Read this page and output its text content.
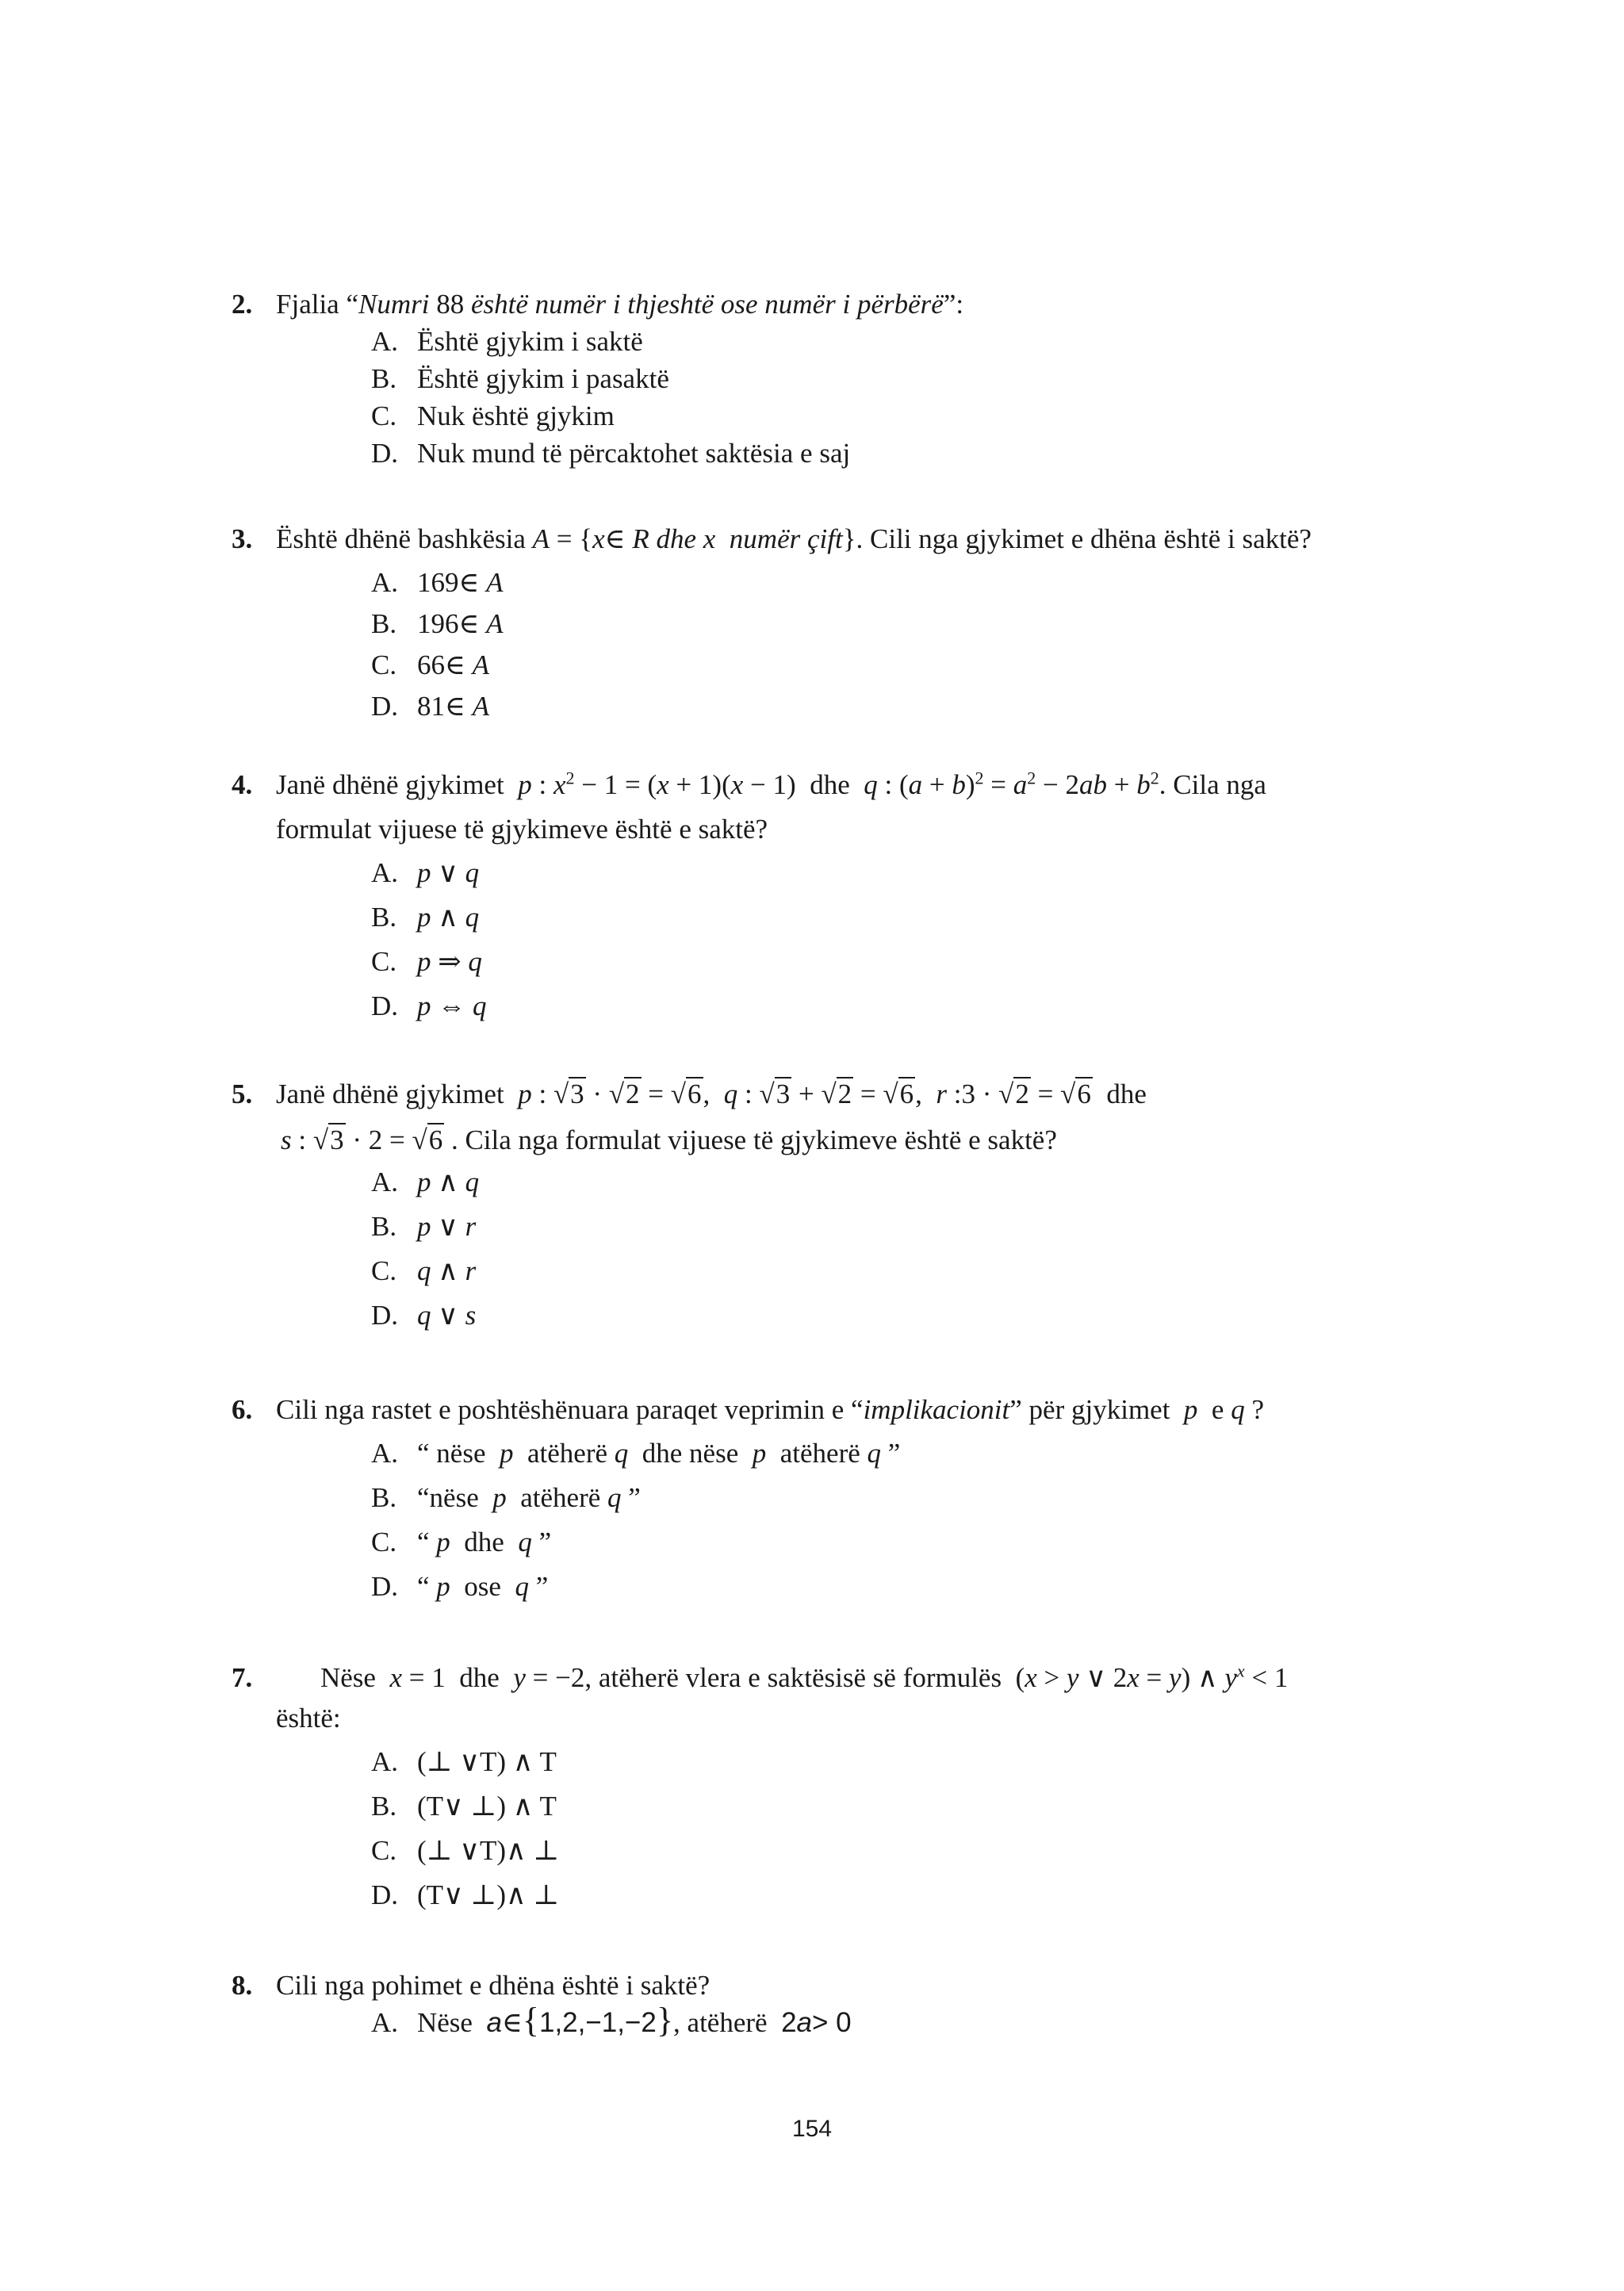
2. Fjalia “Numri 88 është numër i thjeshtë ose numër i përbërë”:
A. Është gjykim i saktë
B. Është gjykim i pasaktë
C. Nuk është gjykim
D. Nuk mund të përcaktohet saktësia e saj
3. Është dhënë bashkësia A = {x∈ R dhe x numër çift}. Cili nga gjykimet e dhëna është i saktë?
A. 169∈ A
B. 196∈ A
C. 66∈ A
D. 81∈ A
4. Janë dhënë gjykimet p : $x^2 - 1 = (x + 1)(x - 1)$ dhe q : $(a + b)^2 = a^2 - 2ab + b^2$. Cila nga
formulat vijuese të gjykimeve është e saktë?
A. p ∨ q
B. p ∧ q
C. p ⇒ q
D. p ⇔ q
5. Janë dhënë gjykimet p : √3 · √2 = √6, q : √3 + √2 = √6, r :3 · √2 = √6 dhe
s : √3 · 2 = √6 . Cila nga formulat vijuese të gjykimeve është e saktë?
A. p ∧ q
B. p ∨ r
C. q ∧ r
D. q ∨ s
6. Cili nga rastet e poshtëshënuara paraqet veprimin e “implikacionit” për gjykimet p e q ?
A. “ nëse p atëherë q dhe nëse p atëherë q ”
B. “nëse p atëherë q ”
C. “ p dhe q ”
D. “ p ose q ”
7. Nëse x = 1 dhe y = −2, atëherë vlera e saktësisë së formulës (x > y ∨ 2x = y) ∧ $y^x < 1$
është:
A. (⊥ ∨T) ∧ T
B. (T∨ ⊥) ∧ T
C. (⊥ ∨T)∧ ⊥
D. (T∨ ⊥)∧ ⊥
8. Cili nga pohimet e dhëna është i saktë?
A. Nëse a∈{1,2,−1,−2}, atëherë 2a> 0
154
